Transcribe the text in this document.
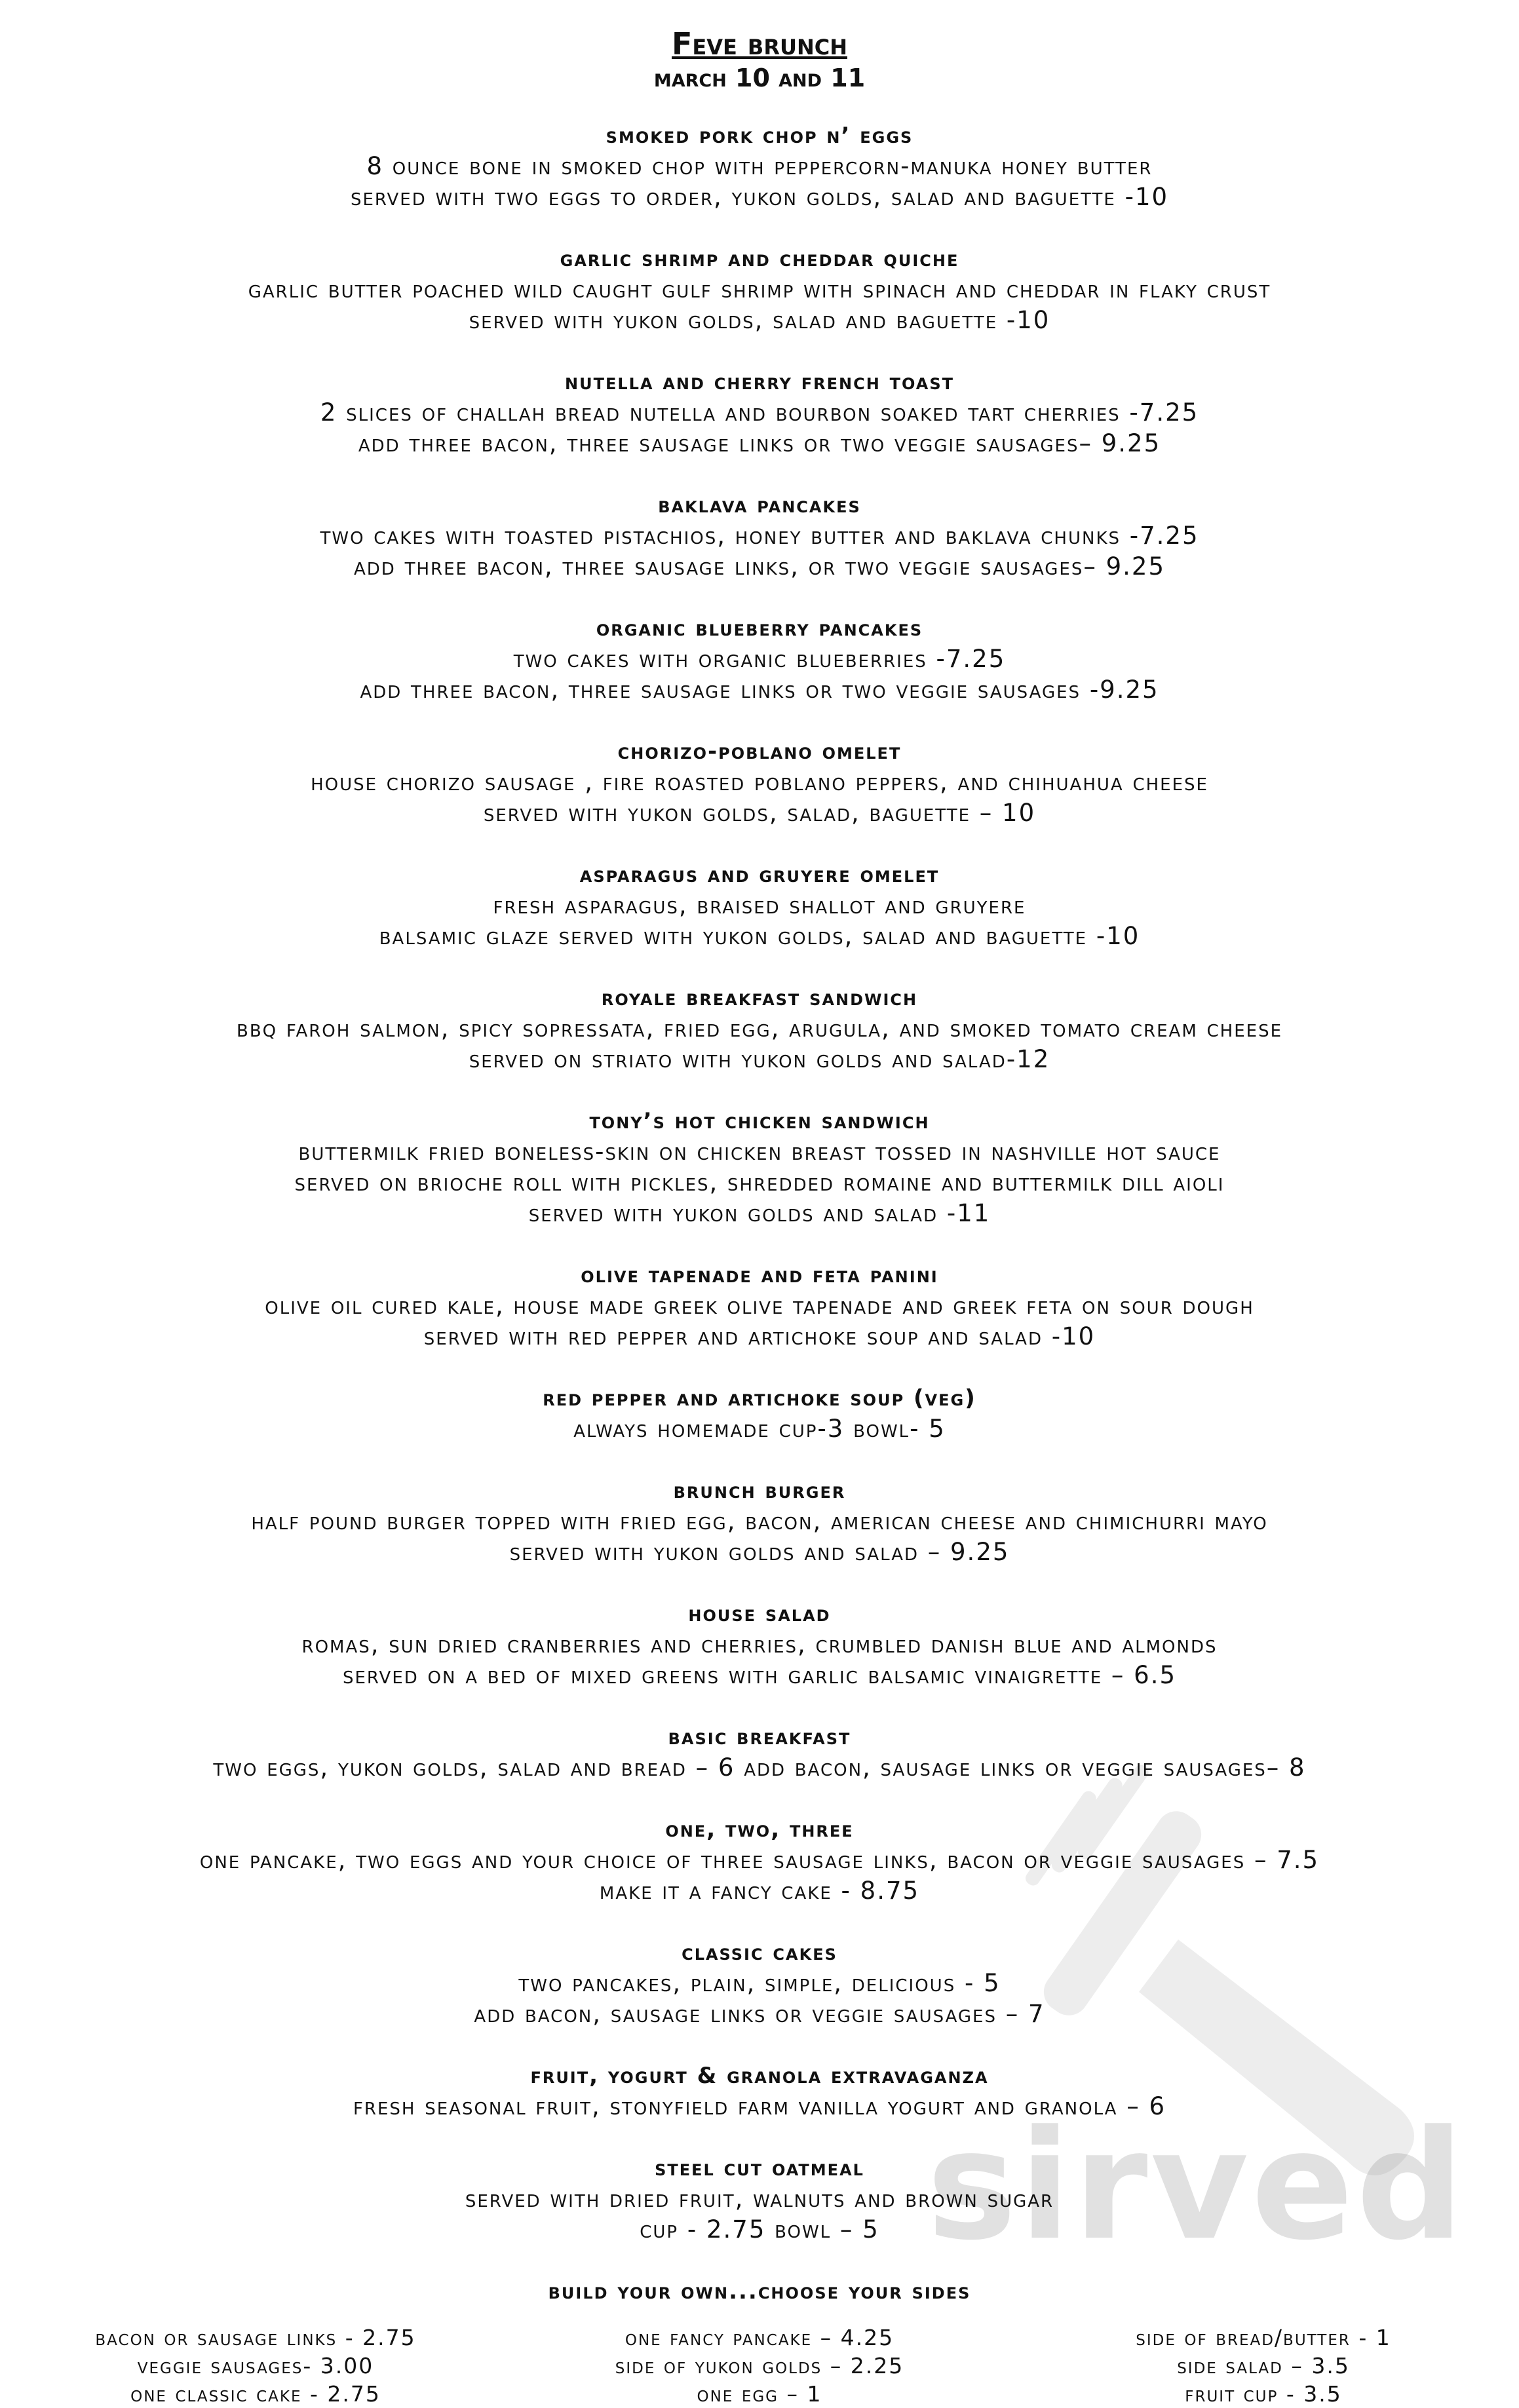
sirved
Feve brunch
march 10 and 11
smoked pork chop n’ eggs
8 ounce bone in smoked chop with peppercorn-manuka honey butter
served with two eggs to order, yukon golds, salad and baguette -10
garlic shrimp and cheddar quiche
garlic butter poached wild caught gulf shrimp with spinach and cheddar in flaky crust
served with yukon golds, salad and baguette -10
nutella and cherry french toast
2 slices of challah bread nutella and bourbon soaked tart cherries -7.25
add three bacon, three sausage links or two veggie sausages– 9.25
baklava pancakes
two cakes with toasted pistachios, honey butter and baklava chunks -7.25
add three bacon, three sausage links, or two veggie sausages– 9.25
organic blueberry pancakes
two cakes with organic blueberries -7.25
add three bacon, three sausage links or two veggie sausages -9.25
chorizo-poblano omelet
house chorizo sausage , fire roasted poblano peppers, and chihuahua cheese
served with yukon golds, salad, baguette – 10
asparagus and gruyere omelet
fresh asparagus, braised shallot and gruyere
balsamic glaze served with yukon golds, salad and baguette -10
royale breakfast sandwich
bbq faroh salmon, spicy sopressata, fried egg, arugula, and smoked tomato cream cheese
served on striato with yukon golds and salad-12
tony’s hot chicken sandwich
buttermilk fried boneless-skin on chicken breast tossed in nashville hot sauce
served on brioche roll with pickles, shredded romaine and buttermilk dill aioli
served with yukon golds and salad -11
olive tapenade and feta panini
olive oil cured kale, house made greek olive tapenade and greek feta on sour dough
served with red pepper and artichoke soup and salad -10
red pepper and artichoke soup (veg)
always homemade cup-3 bowl- 5
brunch burger
half pound burger topped with fried egg, bacon, american cheese and chimichurri mayo
served with yukon golds and salad – 9.25
house salad
romas, sun dried cranberries and cherries, crumbled danish blue and almonds
served on a bed of mixed greens with garlic balsamic vinaigrette – 6.5
basic breakfast
two eggs, yukon golds, salad and bread – 6 add bacon, sausage links or veggie sausages– 8
one, two, three
one pancake, two eggs and your choice of three sausage links, bacon or veggie sausages – 7.5
make it a fancy cake - 8.75
classic cakes
two pancakes, plain, simple, delicious - 5
add bacon, sausage links or veggie sausages – 7
fruit, yogurt & granola extravaganza
fresh seasonal fruit, stonyfield farm vanilla yogurt and granola – 6
steel cut oatmeal
served with dried fruit, walnuts and brown sugar
cup - 2.75 bowl – 5
build your own...choose your sides
bacon or sausage links - 2.75
veggie sausages- 3.00
one classic cake - 2.75
one fancy pancake – 4.25
side of yukon golds – 2.25
one egg – 1
side of bread/butter - 1
side salad – 3.5
fruit cup - 3.5
